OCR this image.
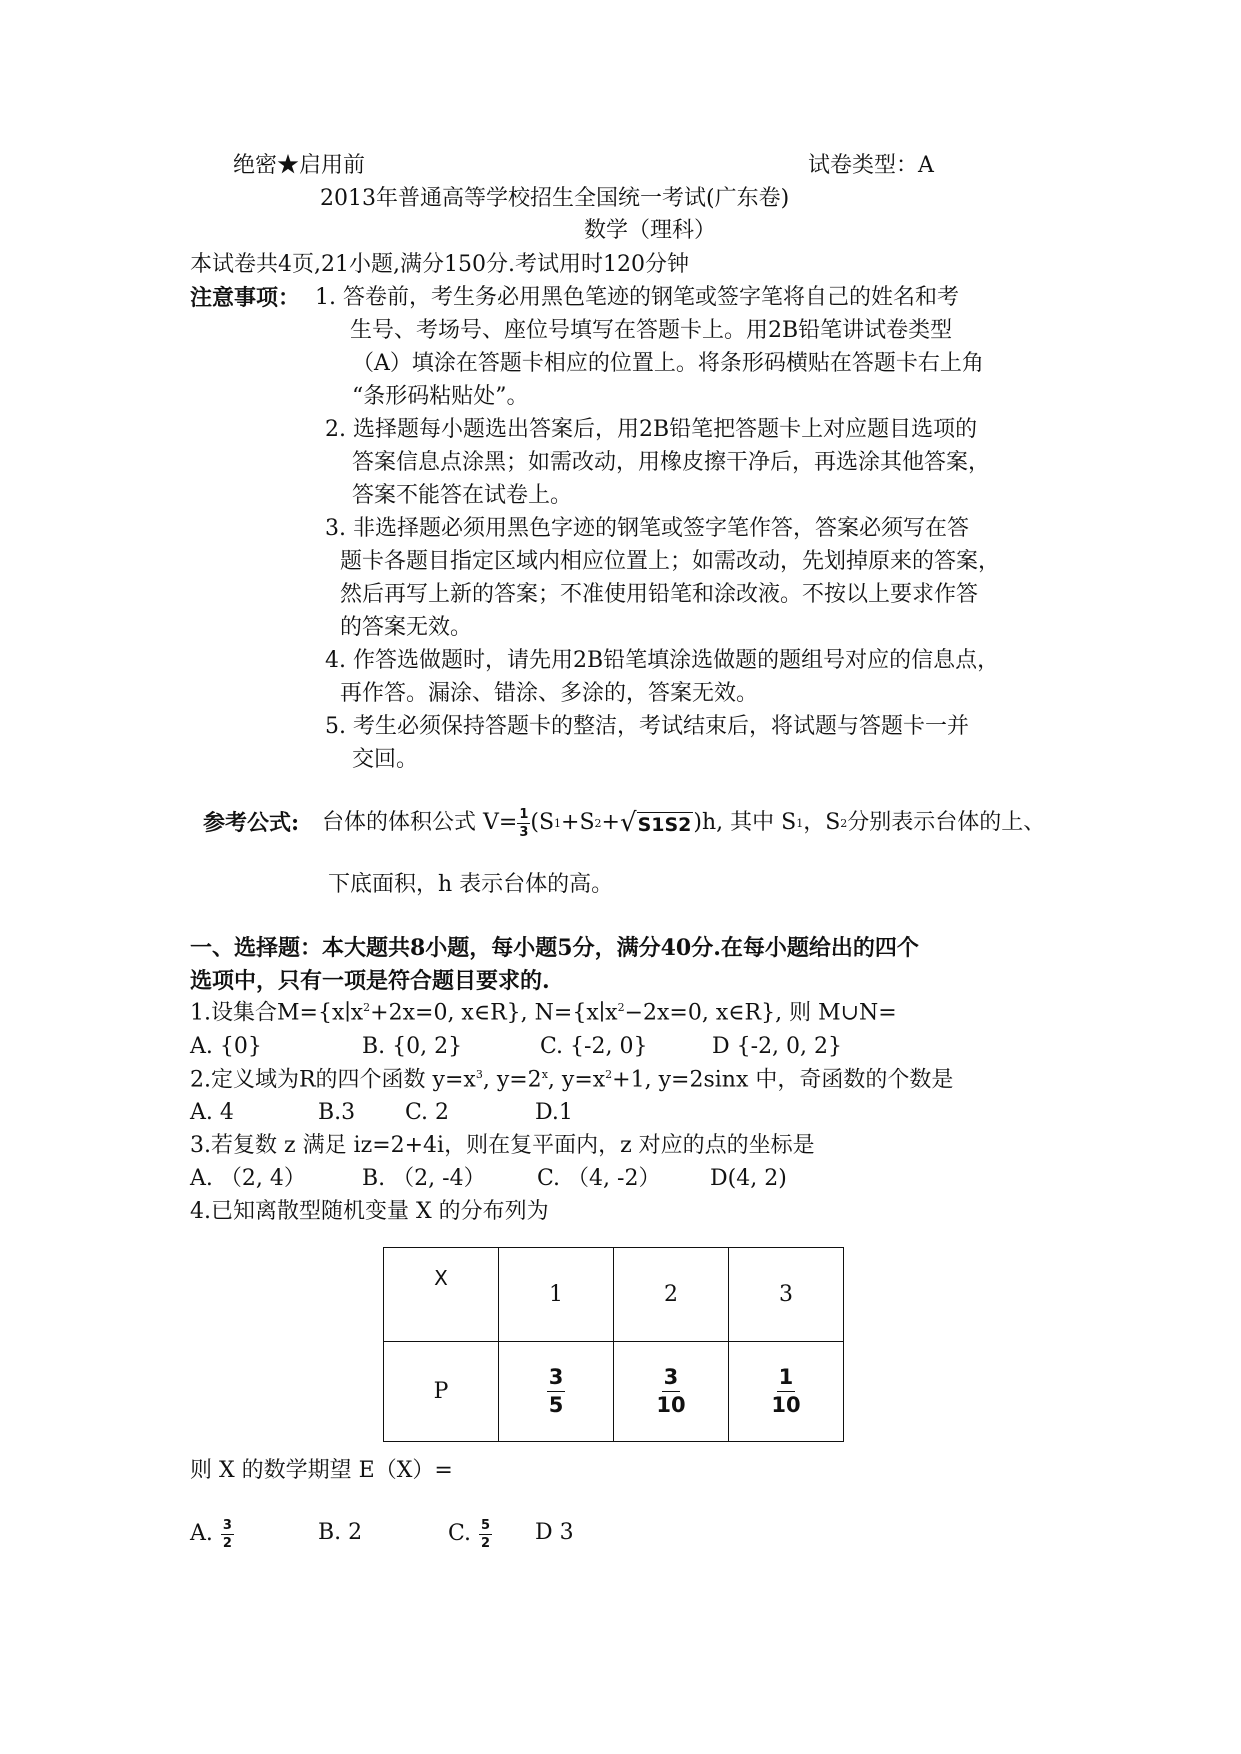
绝密★启用前	试卷类型：A
2013年普通高等学校招生全国统一考试(广东卷)
数学（理科）
本试卷共4页,21小题,满分150分.考试用时120分钟
注意事项： 1. 答卷前，考生务必用黑色笔迹的钢笔或签字笔将自己的姓名和考
生号、考场号、座位号填写在答题卡上。用2B铅笔讲试卷类型
（A）填涂在答题卡相应的位置上。将条形码横贴在答题卡右上角
“条形码粘贴处”。
2. 选择题每小题选出答案后，用2B铅笔把答题卡上对应题目选项的
答案信息点涂黑；如需改动，用橡皮擦干净后，再选涂其他答案，
答案不能答在试卷上。
3. 非选择题必须用黑色字迹的钢笔或签字笔作答，答案必须写在答
题卡各题目指定区域内相应位置上；如需改动，先划掉原来的答案，
然后再写上新的答案；不准使用铅笔和涂改液。不按以上要求作答
的答案无效。
4. 作答选做题时，请先用2B铅笔填涂选做题的题组号对应的信息点，
再作答。漏涂、错涂、多涂的，答案无效。
5. 考生必须保持答题卡的整洁，考试结束后，将试题与答题卡一并
交回。
参考公式: 台体的体积公式 $V= \frac{1}{3} (S$ 1 +S 2 + √S1S2 )h, 其中 S 1 ，S 2 分别表示台体的上、
下底面积，h 表示台体的高。
一、选择题：本大题共8小题，每小题5分，满分40分.在每小题给出的四个
选项中，只有一项是符合题目要求的.
1.设集合$M=\{x∣x^2+2x=0$, x∈R}, $N=\{x∣x^2-2x=0$, x∈R}, 则 M∪N=
A. {0}	B. {0, 2}	C. {-2, 0}	D {-2, 0, 2}
2.定义域为R的四个函数 $y=x^3$, $y=2^x$, $y=x^2+1$, y=2sinx 中，奇函数的个数是
A. 4	B.3 C. 2	D.1
3.若复数 z 满足 iz=2+4i，则在复平面内，z 对应的点的坐标是
A. （2, 4）	B. （2, -4） C. （4, -2） D(4, 2)
4.已知离散型随机变量 X 的分布列为
X	1	2	3
P	$\frac{3}{5}$	$\frac{3}{10}$	$\frac{1}{10}$
则 X 的数学期望 E（X）=
A. $\frac{3}{2}$	B. 2	C. $\frac{5}{2}$ D 3
